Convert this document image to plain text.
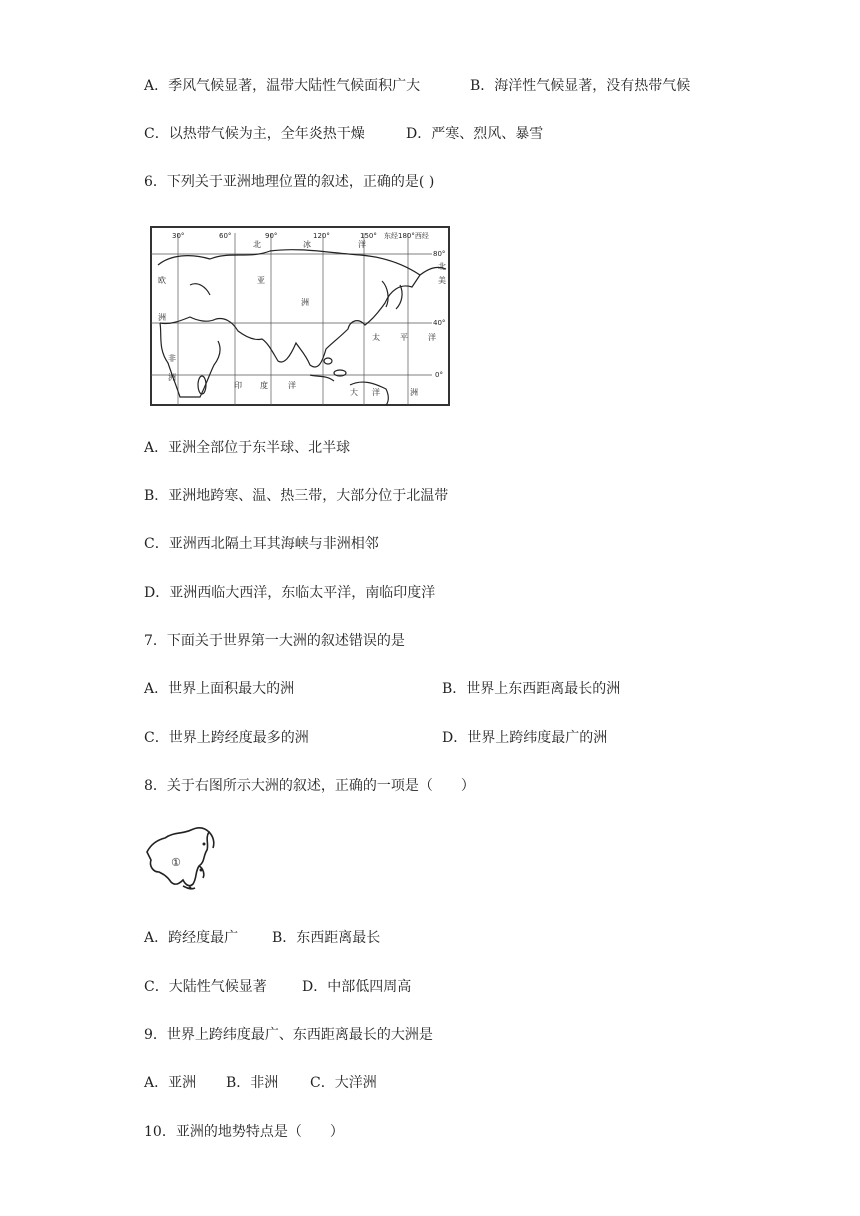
A．季风气候显著，温带大陆性气候面积广大	B．海洋性气候显著，没有热带气候
C．以热带气候为主，全年炎热干燥	D．严寒、烈风、暴雪
6．下列关于亚洲地理位置的叙述，正确的是( )
30°	60°	90°	120°	150° 东经180°西经
80°
40°
0°
北	冰	洋
亚
洲
欧
洲
非
洲
太	平	洋
印 度	洋
大 洋	洲
北
美
A．亚洲全部位于东半球、北半球
B．亚洲地跨寒、温、热三带，大部分位于北温带
C．亚洲西北隔土耳其海峡与非洲相邻
D．亚洲西临大西洋，东临太平洋，南临印度洋
7．下面关于世界第一大洲的叙述错误的是
A．世界上面积最大的洲	B．世界上东西距离最长的洲
C．世界上跨经度最多的洲	D．世界上跨纬度最广的洲
8．关于右图所示大洲的叙述，正确的一项是（　　）
①
A．跨经度最广 B．东西距离最长
C．大陆性气候显著	D．中部低四周高
9．世界上跨纬度最广、东西距离最长的大洲是
A．亚洲 B．非洲 C．大洋洲
10．亚洲的地势特点是（　　）
